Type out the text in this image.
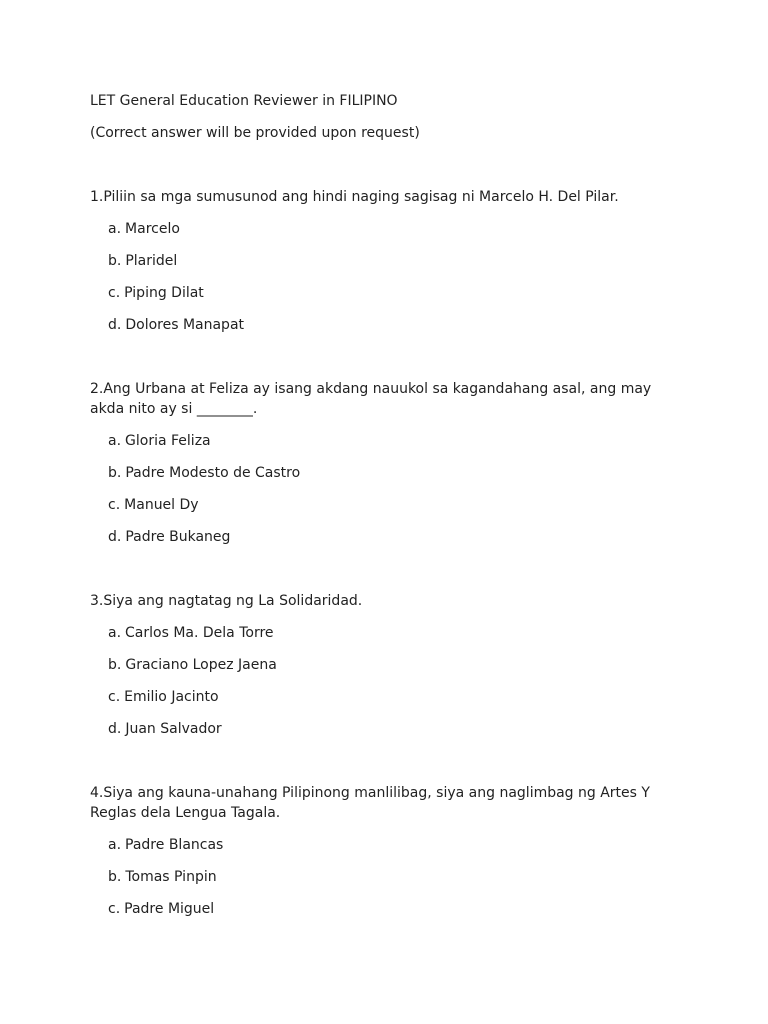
LET General Education Reviewer in FILIPINO

(Correct answer will be provided upon request)

1.Piliin sa mga sumusunod ang hindi naging sagisag ni Marcelo H. Del Pilar.

a. Marcelo
b. Plaridel
c. Piping Dilat
d. Dolores Manapat

2.Ang Urbana at Feliza ay isang akdang nauukol sa kagandahang asal, ang may akda nito ay si ________.

a. Gloria Feliza
b. Padre Modesto de Castro
c. Manuel Dy
d. Padre Bukaneg

3.Siya ang nagtatag ng La Solidaridad.

a. Carlos Ma. Dela Torre
b. Graciano Lopez Jaena
c. Emilio Jacinto
d. Juan Salvador

4.Siya ang kauna-unahang Pilipinong manlilibag, siya ang naglimbag ng Artes Y Reglas dela Lengua Tagala.

a. Padre Blancas
b. Tomas Pinpin
c. Padre Miguel
